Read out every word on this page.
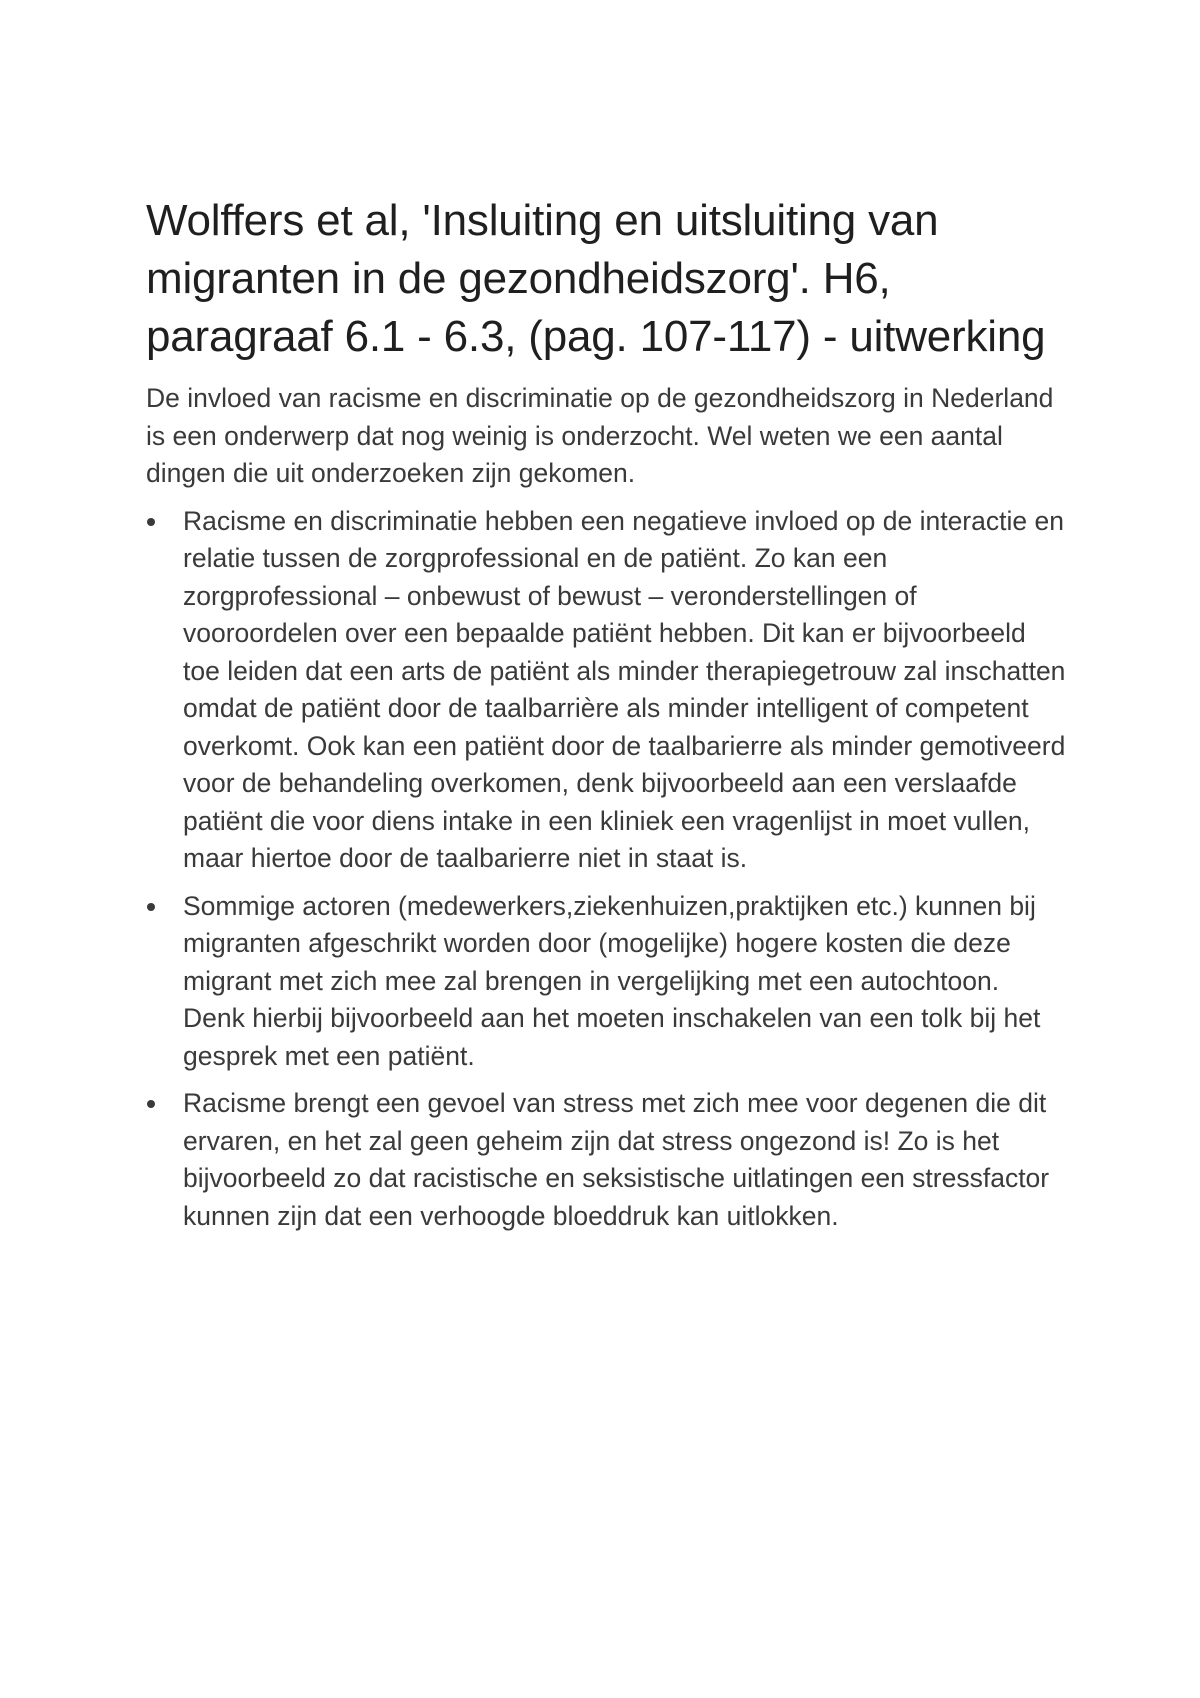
Wolffers et al, 'Insluiting en uitsluiting van migranten in de gezondheidszorg'. H6, paragraaf 6.1 - 6.3, (pag. 107-117) - uitwerking

De invloed van racisme en discriminatie op de gezondheidszorg in Nederland is een onderwerp dat nog weinig is onderzocht. Wel weten we een aantal dingen die uit onderzoeken zijn gekomen.

Racisme en discriminatie hebben een negatieve invloed op de interactie en relatie tussen de zorgprofessional en de patiënt. Zo kan een zorgprofessional – onbewust of bewust – veronderstellingen of vooroordelen over een bepaalde patiënt hebben. Dit kan er bijvoorbeeld toe leiden dat een arts de patiënt als minder therapiegetrouw zal inschatten omdat de patiënt door de taalbarrière als minder intelligent of competent overkomt. Ook kan een patiënt door de taalbarierre als minder gemotiveerd voor de behandeling overkomen, denk bijvoorbeeld aan een verslaafde patiënt die voor diens intake in een kliniek een vragenlijst in moet vullen, maar hiertoe door de taalbarierre niet in staat is.
Sommige actoren (medewerkers,ziekenhuizen,praktijken etc.) kunnen bij migranten afgeschrikt worden door (mogelijke) hogere kosten die deze migrant met zich mee zal brengen in vergelijking met een autochtoon. Denk hierbij bijvoorbeeld aan het moeten inschakelen van een tolk bij het gesprek met een patiënt.
Racisme brengt een gevoel van stress met zich mee voor degenen die dit ervaren, en het zal geen geheim zijn dat stress ongezond is! Zo is het bijvoorbeeld zo dat racistische en seksistische uitlatingen een stressfactor kunnen zijn dat een verhoogde bloeddruk kan uitlokken.
